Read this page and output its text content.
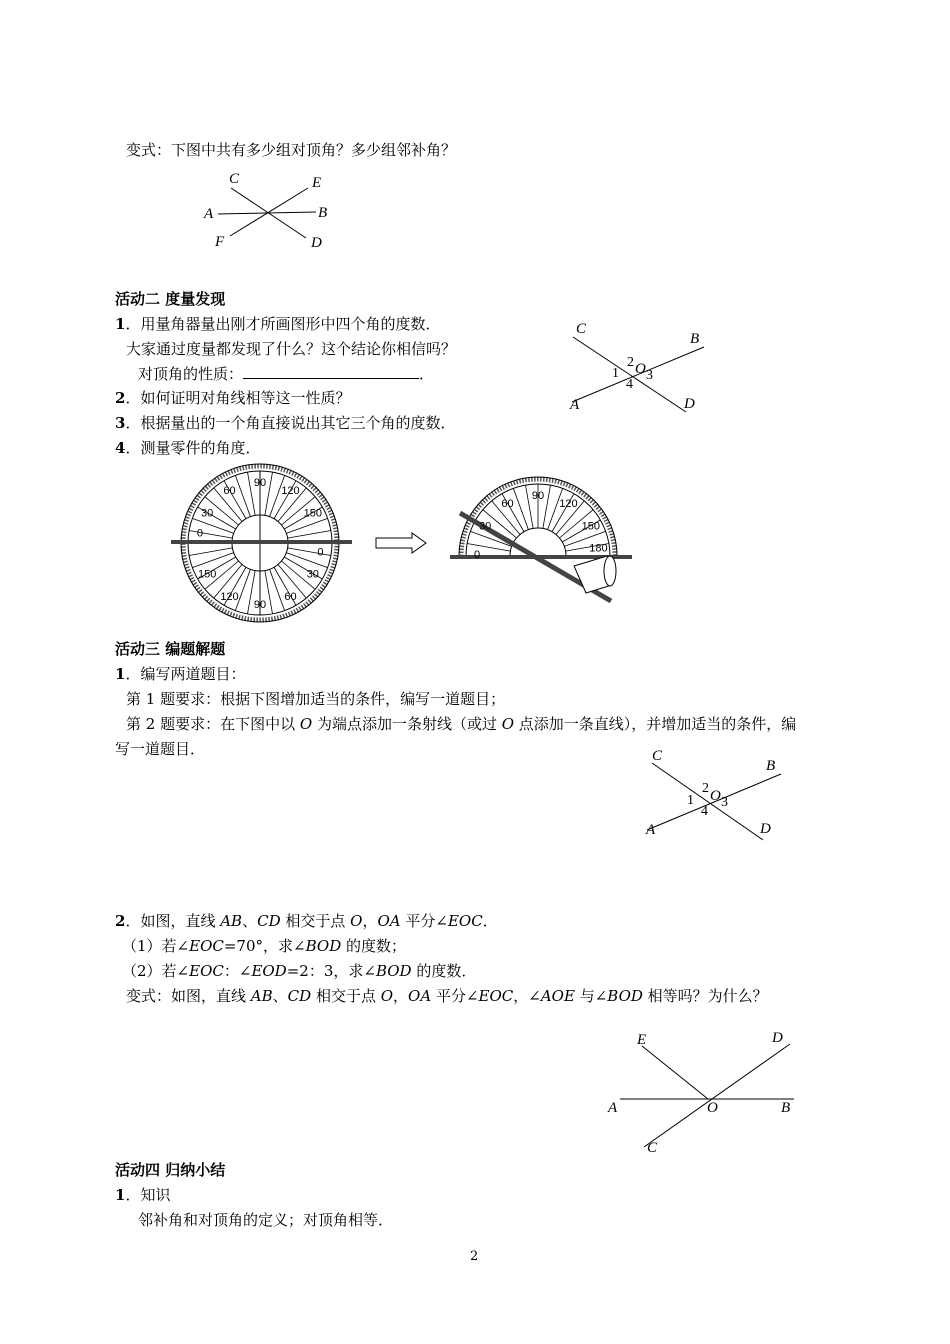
变式：下图中共有多少组对顶角？多少组邻补角？
C	E
A	B
F	D
活动二 度量发现
1．用量角器量出刚才所画图形中四个角的度数．
大家通过度量都发现了什么？这个结论你相信吗？
对顶角的性质：	．
2．如何证明对角线相等这一性质？
3．根据量出的一个角直接说出其它三个角的度数．
4．测量零件的角度．
C
B
A	D
O
1
2
3
4
90
60	120
30	150
0
0
150	30
120	60
90
90
60	120
30	150
0
180
活动三 编题解题
1．编写两道题目：
第 1 题要求：根据下图增加适当的条件，编写一道题目；
第 2 题要求：在下图中以 O 为端点添加一条射线（或过 O 点添加一条直线），并增加适当的条件，编
写一道题目．	C
B
A	D
O
1
2
3
4
2．如图，直线 AB、CD 相交于点 O，OA 平分∠EOC．
（1）若∠EOC=70°，求∠BOD 的度数；
（2）若∠EOC：∠EOD=2：3，求∠BOD 的度数．
变式：如图，直线 AB、CD 相交于点 O，OA 平分∠EOC，∠AOE 与∠BOD 相等吗？为什么？
E	D
A	O	B
C
活动四 归纳小结
1．知识
邻补角和对顶角的定义；对顶角相等．
2
